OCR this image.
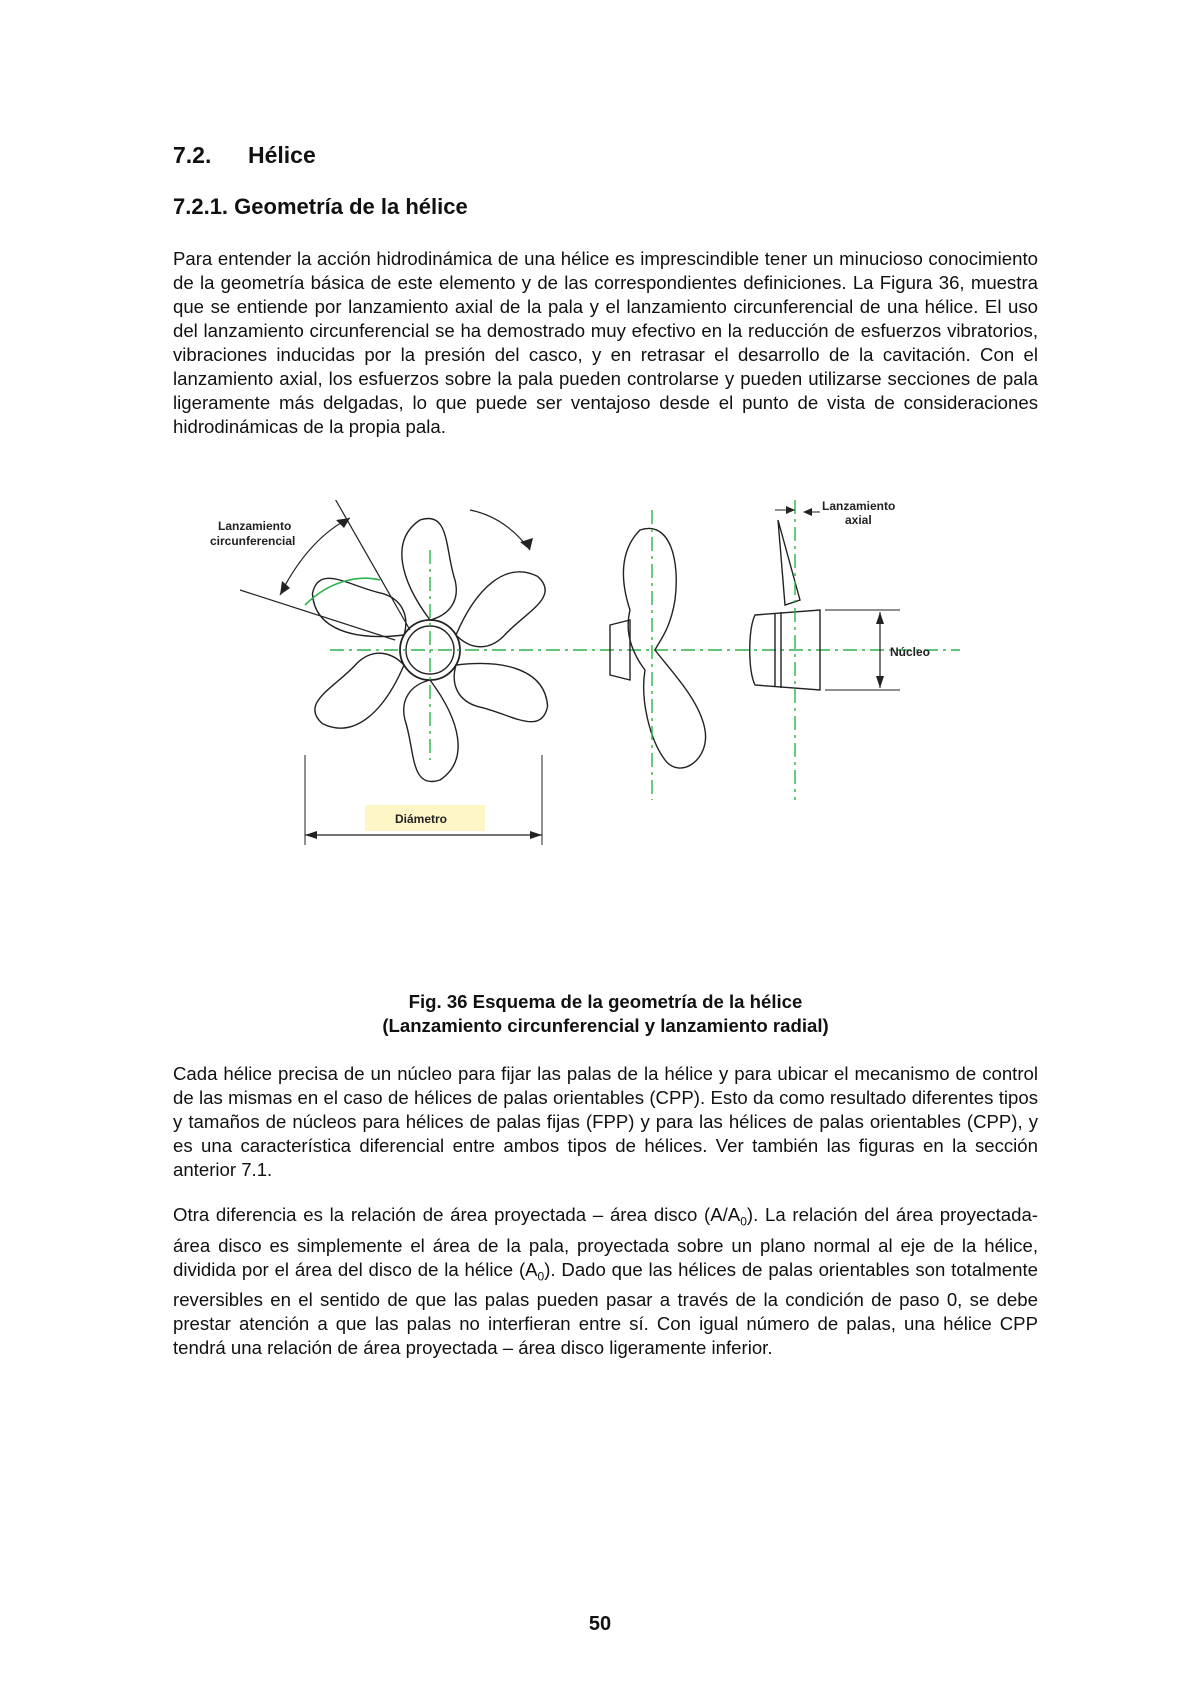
7.2. Hélice
7.2.1. Geometría de la hélice

Para entender la acción hidrodinámica de una hélice es imprescindible tener un minucioso conocimiento de la geometría básica de este elemento y de las correspondientes definiciones. La Figura 36, muestra que se entiende por lanzamiento axial de la pala y el lanzamiento circunferencial de una hélice. El uso del lanzamiento circunferencial se ha demostrado muy efectivo en la reducción de esfuerzos vibratorios, vibraciones inducidas por la presión del casco, y en retrasar el desarrollo de la cavitación. Con el lanzamiento axial, los esfuerzos sobre la pala pueden controlarse y pueden utilizarse secciones de pala ligeramente más delgadas, lo que puede ser ventajoso desde el punto de vista de consideraciones hidrodinámicas de la propia pala.

Diámetro
Lanzamiento
circunferencial
Lanzamiento
axial
Núcleo
Fig. 36 Esquema de la geometría de la hélice
(Lanzamiento circunferencial y lanzamiento radial)

Cada hélice precisa de un núcleo para fijar las palas de la hélice y para ubicar el mecanismo de control de las mismas en el caso de hélices de palas orientables (CPP). Esto da como resultado diferentes tipos y tamaños de núcleos para hélices de palas fijas (FPP) y para las hélices de palas orientables (CPP), y es una característica diferencial entre ambos tipos de hélices. Ver también las figuras en la sección anterior 7.1.

Otra diferencia es la relación de área proyectada – área disco $(A/A_0)$. La relación del área proyectada-área disco es simplemente el área de la pala, proyectada sobre un plano normal al eje de la hélice, dividida por el área del disco de la hélice $(A_0)$. Dado que las hélices de palas orientables son totalmente reversibles en el sentido de que las palas pueden pasar a través de la condición de paso 0, se debe prestar atención a que las palas no interfieran entre sí. Con igual número de palas, una hélice CPP tendrá una relación de área proyectada – área disco ligeramente inferior.

50
